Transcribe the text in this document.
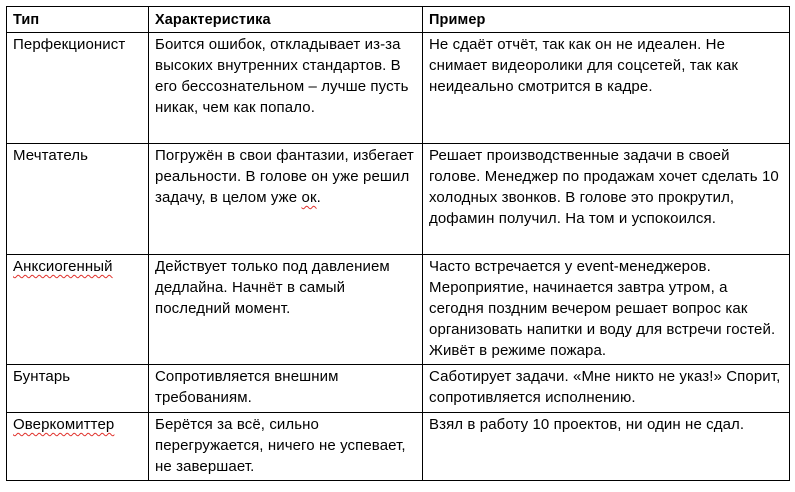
Тип	Характеристика	Пример
Перфекционист	Боится ошибок, откладывает из-за высоких внутренних стандартов. В его бессознательном – лучше пусть никак, чем как попало.	Не сдаёт отчёт, так как он не идеален. Не снимает видеоролики для соцсетей, так как неидеально смотрится в кадре.
Мечтатель	Погружён в свои фантазии, избегает реальности. В голове он уже решил задачу, в целом уже ок.	Решает производственные задачи в своей голове. Менеджер по продажам хочет сделать 10 холодных звонков. В голове это прокрутил, дофамин получил. На том и успокоился.
Анксиогенный	Действует только под давлением дедлайна. Начнёт в самый последний момент.	Часто встречается у event-менеджеров. Мероприятие, начинается завтра утром, а сегодня поздним вечером решает вопрос как организовать напитки и воду для встречи гостей. Живёт в режиме пожара.
Бунтарь	Сопротивляется внешним требованиям.	Саботирует задачи. «Мне никто не указ!» Спорит, сопротивляется исполнению.
Оверкомиттер	Берётся за всё, сильно перегружается, ничего не успевает, не завершает.	Взял в работу 10 проектов, ни один не сдал.
